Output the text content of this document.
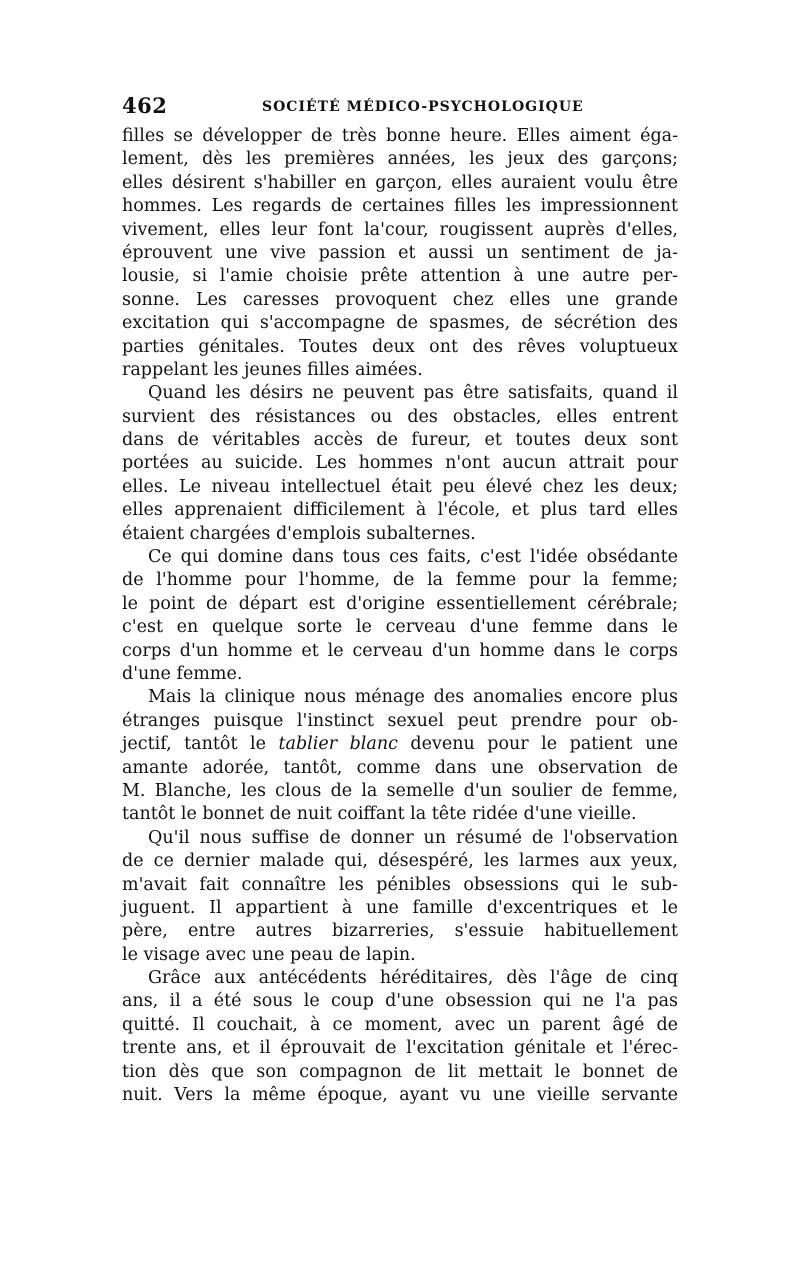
462	SOCIÉTÉ MÉDICO-PSYCHOLOGIQUE
filles se développer de très bonne heure. Elles aiment éga-
lement, dès les premières années, les jeux des garçons;
elles désirent s'habiller en garçon, elles auraient voulu être
hommes. Les regards de certaines filles les impressionnent
vivement, elles leur font la'cour, rougissent auprès d'elles,
éprouvent une vive passion et aussi un sentiment de ja-
lousie, si l'amie choisie prête attention à une autre per-
sonne. Les caresses provoquent chez elles une grande
excitation qui s'accompagne de spasmes, de sécrétion des
parties génitales. Toutes deux ont des rêves voluptueux
rappelant les jeunes filles aimées.
Quand les désirs ne peuvent pas être satisfaits, quand il
survient des résistances ou des obstacles, elles entrent
dans de véritables accès de fureur, et toutes deux sont
portées au suicide. Les hommes n'ont aucun attrait pour
elles. Le niveau intellectuel était peu élevé chez les deux;
elles apprenaient difficilement à l'école, et plus tard elles
étaient chargées d'emplois subalternes.
Ce qui domine dans tous ces faits, c'est l'idée obsédante
de l'homme pour l'homme, de la femme pour la femme;
le point de départ est d'origine essentiellement cérébrale;
c'est en quelque sorte le cerveau d'une femme dans le
corps d'un homme et le cerveau d'un homme dans le corps
d'une femme.
Mais la clinique nous ménage des anomalies encore plus
étranges puisque l'instinct sexuel peut prendre pour ob-
jectif, tantôt le tablier blanc devenu pour le patient une
amante adorée, tantôt, comme dans une observation de
M. Blanche, les clous de la semelle d'un soulier de femme,
tantôt le bonnet de nuit coiffant la tête ridée d'une vieille.
Qu'il nous suffise de donner un résumé de l'observation
de ce dernier malade qui, désespéré, les larmes aux yeux,
m'avait fait connaître les pénibles obsessions qui le sub-
juguent. Il appartient à une famille d'excentriques et le
père, entre autres bizarreries, s'essuie habituellement
le visage avec une peau de lapin.
Grâce aux antécédents héréditaires, dès l'âge de cinq
ans, il a été sous le coup d'une obsession qui ne l'a pas
quitté. Il couchait, à ce moment, avec un parent âgé de
trente ans, et il éprouvait de l'excitation génitale et l'érec-
tion dès que son compagnon de lit mettait le bonnet de
nuit. Vers la même époque, ayant vu une vieille servante
